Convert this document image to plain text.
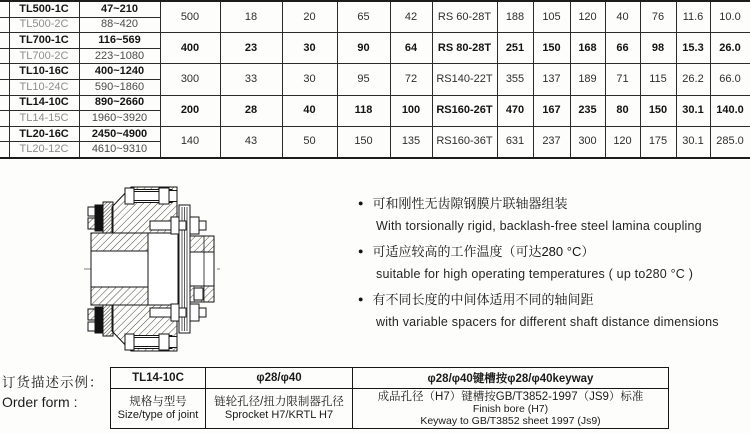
	TL500-1C	47~210	500	18	20	65	42	RS 60-28T	188	105	120	40	76	11.6	10.0
	TL500-2C	88~420													
	TL700-1C	116~569	400	23	30	90	64	RS 80-28T	251	150	168	66	98	15.3	26.0
	TL700-2C	223~1080													
	TL10-16C	400~1240	300	33	30	95	72	RS140-22T	355	137	189	71	115	26.2	66.0
	TL10-24C	590~1860													
	TL14-10C	890~2660	200	28	40	118	100	RS160-26T	470	167	235	80	150	30.1	140.0
	TL14-15C	1960~3920													
	TL20-16C	2450~4900	140	43	50	150	135	RS160-36T	631	237	300	120	175	30.1	285.0
	TL20-12C	4610~9310													
● 可和刚性无齿隙钢膜片联轴器组装
With torsionally rigid, backlash-free steel lamina coupling
● 可适应较高的工作温度（可达280 °C）
suitable for high operating temperatures ( up to280 °C )
● 有不同长度的中间体适用不同的轴间距
with variable spacers for different shaft distance dimensions
订货描述示例：
Order form :
TL14-10C	φ28/φ40	φ28/φ40键槽按φ28/φ40keyway

规格与型号
Size/type of joint

链轮孔径/扭力限制器孔径
Sprocket H7/KRTL H7

成品孔径（H7）键槽按GB/T3852-1997（JS9）标准
Finish bore (H7)
Keyway to GB/T3852 sheet 1997 (Js9)
